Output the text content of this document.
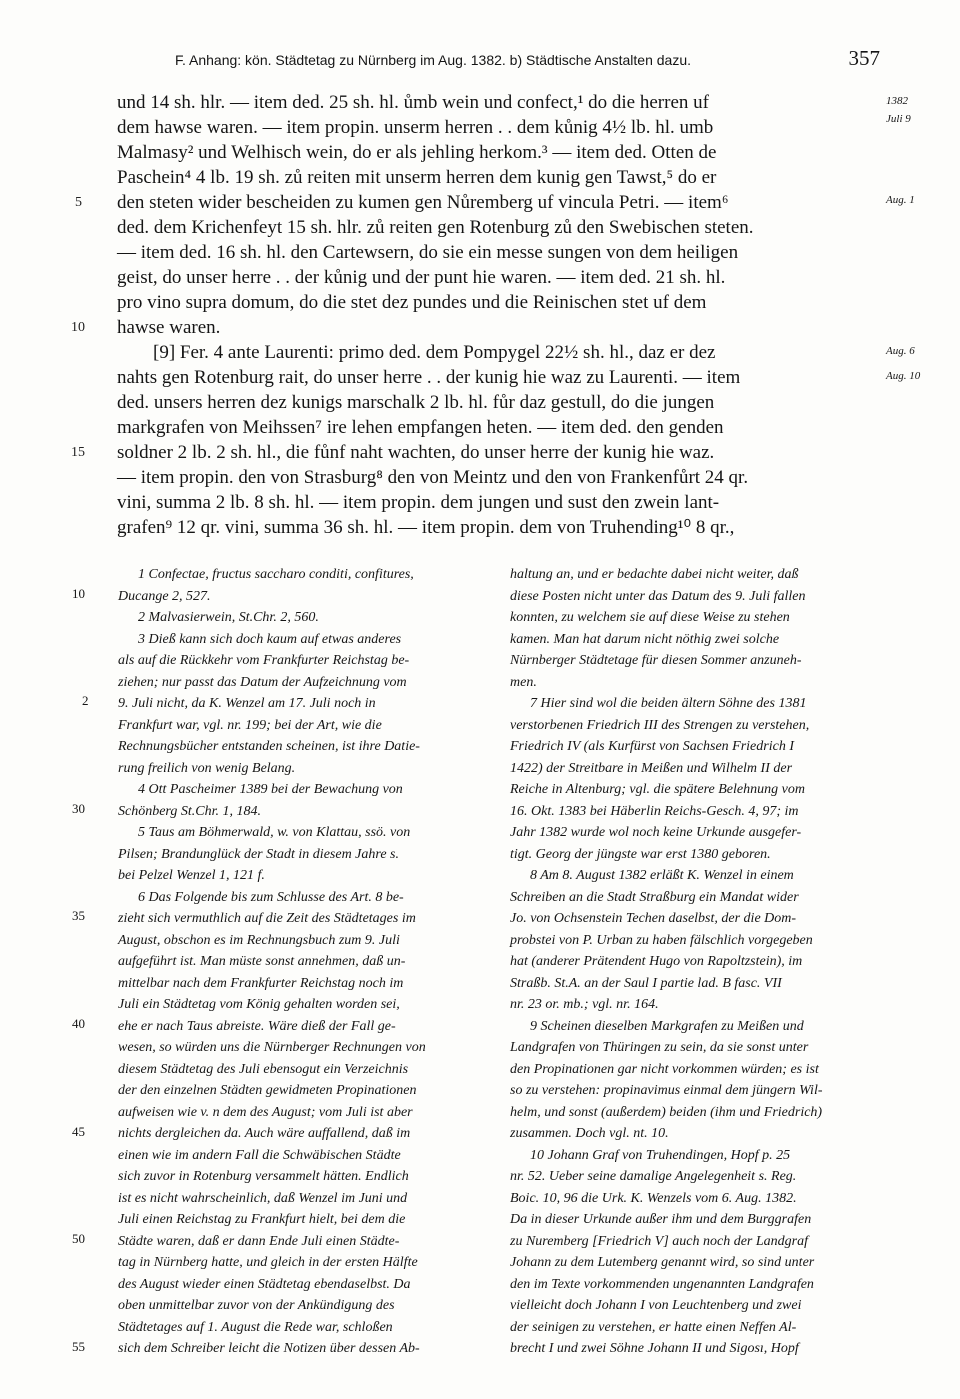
F. Anhang: kön. Städtetag zu Nürnberg im Aug. 1382. b) Städtische Anstalten dazu.	357
und 14 sh. hlr. — item ded. 25 sh. hl. ůmb wein und confect,¹ do die herren uf
dem hawse waren. — item propin. unserm herren . . dem kůnig 4½ lb. hl. umb
Malmasy² und Welhisch wein, do er als jehling herkom.³ — item ded. Otten de
Paschein⁴ 4 lb. 19 sh. zů reiten mit unserm herren dem kunig gen Tawst,⁵ do er
den steten wider bescheiden zu kumen gen Nůremberg uf vincula Petri. — item⁶
ded. dem Krichenfeyt 15 sh. hlr. zů reiten gen Rotenburg zů den Swebischen steten.
— item ded. 16 sh. hl. den Cartewsern, do sie ein messe sungen von dem heiligen
geist, do unser herre . . der kůnig und der punt hie waren. — item ded. 21 sh. hl.
pro vino supra domum, do die stet dez pundes und die Reinischen stet uf dem
hawse waren.
[9] Fer. 4 ante Laurenti: primo ded. dem Pompygel 22½ sh. hl., daz er dez
nahts gen Rotenburg rait, do unser herre . . der kunig hie waz zu Laurenti. — item
ded. unsers herren dez kunigs marschalk 2 lb. hl. fůr daz gestull, do die jungen
markgrafen von Meihssen⁷ ire lehen empfangen heten. — item ded. den genden
soldner 2 lb. 2 sh. hl., die fůnf naht wachten, do unser herre der kunig hie waz.
— item propin. den von Strasburg⁸ den von Meintz und den von Frankenfůrt 24 qr.
vini, summa 2 lb. 8 sh. hl. — item propin. dem jungen und sust den zwein lant-
grafen⁹ 12 qr. vini, summa 36 sh. hl. — item propin. dem von Truhending¹⁰ 8 qr.,
5
10
15
1382
Juli 9
Aug. 1
Aug. 6
Aug. 10
1 Confectae, fructus saccharo conditi, confitures,
Ducange 2, 527.
2 Malvasierwein, St.Chr. 2, 560.
3 Dieß kann sich doch kaum auf etwas anderes
als auf die Rückkehr vom Frankfurter Reichstag be-
ziehen; nur passt das Datum der Aufzeichnung vom
9. Juli nicht, da K. Wenzel am 17. Juli noch in
Frankfurt war, vgl. nr. 199; bei der Art, wie die
Rechnungsbücher entstanden scheinen, ist ihre Datie-
rung freilich von wenig Belang.
4 Ott Pascheimer 1389 bei der Bewachung von
Schönberg St.Chr. 1, 184.
5 Taus am Böhmerwald, w. von Klattau, ssö. von
Pilsen; Brandunglück der Stadt in diesem Jahre s.
bei Pelzel Wenzel 1, 121 f.
6 Das Folgende bis zum Schlusse des Art. 8 be-
zieht sich vermuthlich auf die Zeit des Städtetages im
August, obschon es im Rechnungsbuch zum 9. Juli
aufgeführt ist. Man müste sonst annehmen, daß un-
mittelbar nach dem Frankfurter Reichstag noch im
Juli ein Städtetag vom König gehalten worden sei,
ehe er nach Taus abreiste. Wäre dieß der Fall ge-
wesen, so würden uns die Nürnberger Rechnungen von
diesem Städtetag des Juli ebensogut ein Verzeichnis
der den einzelnen Städten gewidmeten Propinationen
aufweisen wie v. n dem des August; vom Juli ist aber
nichts dergleichen da. Auch wäre auffallend, daß im
einen wie im andern Fall die Schwäbischen Städte
sich zuvor in Rotenburg versammelt hätten. Endlich
ist es nicht wahrscheinlich, daß Wenzel im Juni und
Juli einen Reichstag zu Frankfurt hielt, bei dem die
Städte waren, daß er dann Ende Juli einen Städte-
tag in Nürnberg hatte, und gleich in der ersten Hälfte
des August wieder einen Städtetag ebendaselbst. Da
oben unmittelbar zuvor von der Ankündigung des
Städtetages auf 1. August die Rede war, schloßen
sich dem Schreiber leicht die Notizen über dessen Ab-
10
2
30
35
40
45
50
55
haltung an, und er bedachte dabei nicht weiter, daß
diese Posten nicht unter das Datum des 9. Juli fallen
konnten, zu welchem sie auf diese Weise zu stehen
kamen. Man hat darum nicht nöthig zwei solche
Nürnberger Städtetage für diesen Sommer anzuneh-
men.
7 Hier sind wol die beiden ältern Söhne des 1381
verstorbenen Friedrich III des Strengen zu verstehen,
Friedrich IV (als Kurfürst von Sachsen Friedrich I
1422) der Streitbare in Meißen und Wilhelm II der
Reiche in Altenburg; vgl. die spätere Belehnung vom
16. Okt. 1383 bei Häberlin Reichs-Gesch. 4, 97; im
Jahr 1382 wurde wol noch keine Urkunde ausgefer-
tigt. Georg der jüngste war erst 1380 geboren.
8 Am 8. August 1382 erläßt K. Wenzel in einem
Schreiben an die Stadt Straßburg ein Mandat wider
Jo. von Ochsenstein Techen daselbst, der die Dom-
probstei von P. Urban zu haben fälschlich vorgegeben
hat (anderer Prätendent Hugo von Rapoltzstein), im
Straßb. St.A. an der Saul I partie lad. B fasc. VII
nr. 23 or. mb.; vgl. nr. 164.
9 Scheinen dieselben Markgrafen zu Meißen und
Landgrafen von Thüringen zu sein, da sie sonst unter
den Propinationen gar nicht vorkommen würden; es ist
so zu verstehen: propinavimus einmal dem jüngern Wil-
helm, und sonst (außerdem) beiden (ihm und Friedrich)
zusammen. Doch vgl. nt. 10.
10 Johann Graf von Truhendingen, Hopf p. 25
nr. 52. Ueber seine damalige Angelegenheit s. Reg.
Boic. 10, 96 die Urk. K. Wenzels vom 6. Aug. 1382.
Da in dieser Urkunde außer ihm und dem Burggrafen
zu Nuremberg [Friedrich V] auch noch der Landgraf
Johann zu dem Lutemberg genannt wird, so sind unter
den im Texte vorkommenden ungenannten Landgrafen
vielleicht doch Johann I von Leuchtenberg und zwei
der seinigen zu verstehen, er hatte einen Neffen Al-
brecht I und zwei Söhne Johann II und Sigosı, Hopf
